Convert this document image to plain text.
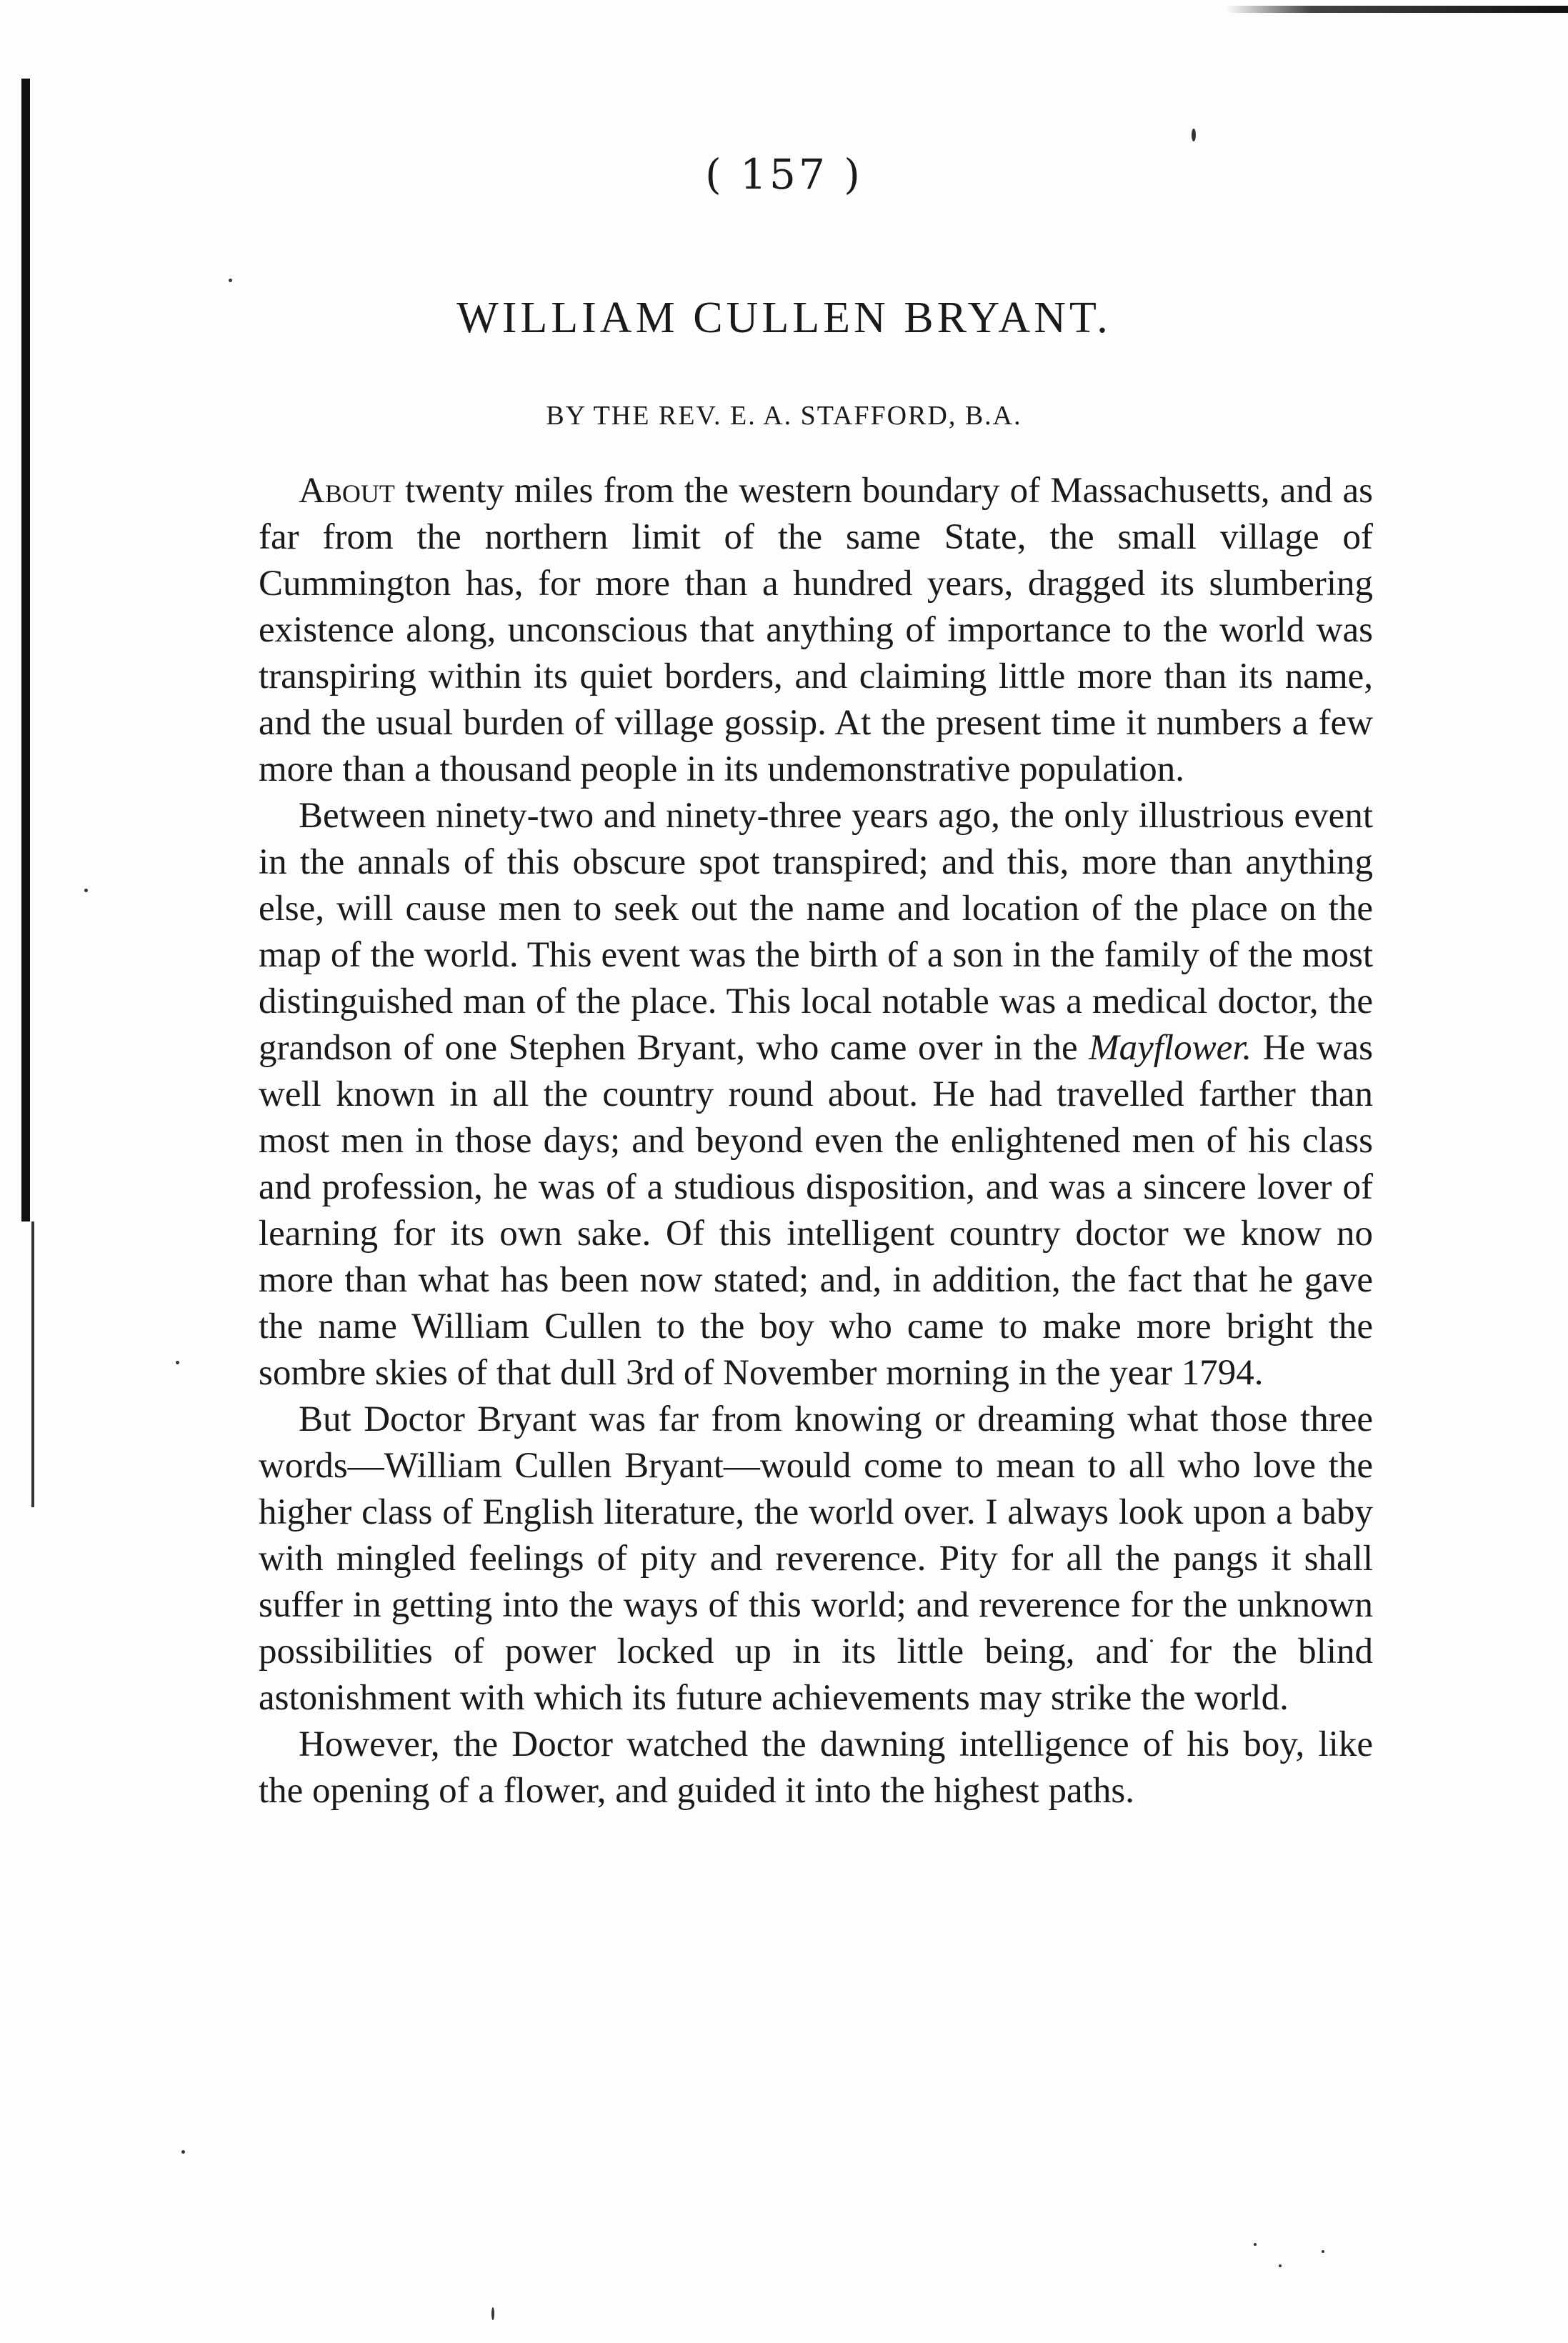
( 157 )
WILLIAM CULLEN BRYANT.
BY THE REV. E. A. STAFFORD, B.A.

About twenty miles from the western boundary of Massachusetts, and as far from the northern limit of the same State, the small village of Cummington has, for more than a hundred years, dragged its slumbering existence along, unconscious that anything of importance to the world was transpiring within its quiet borders, and claiming little more than its name, and the usual burden of village gossip. At the present time it numbers a few more than a thousand people in its undemonstrative population.

Between ninety-two and ninety-three years ago, the only illustrious event in the annals of this obscure spot transpired; and this, more than anything else, will cause men to seek out the name and location of the place on the map of the world. This event was the birth of a son in the family of the most distinguished man of the place. This local notable was a medical doctor, the grandson of one Stephen Bryant, who came over in the Mayflower. He was well known in all the country round about. He had travelled farther than most men in those days; and beyond even the enlightened men of his class and profession, he was of a studious disposition, and was a sincere lover of learning for its own sake. Of this intelligent country doctor we know no more than what has been now stated; and, in addition, the fact that he gave the name William Cullen to the boy who came to make more bright the sombre skies of that dull 3rd of November morning in the year 1794.

But Doctor Bryant was far from knowing or dreaming what those three words—William Cullen Bryant—would come to mean to all who love the higher class of English literature, the world over. I always look upon a baby with mingled feelings of pity and reverence. Pity for all the pangs it shall suffer in getting into the ways of this world; and reverence for the unknown possibilities of power locked up in its little being, and for the blind astonishment with which its future achievements may strike the world.

However, the Doctor watched the dawning intelligence of his boy, like the opening of a flower, and guided it into the highest paths.
